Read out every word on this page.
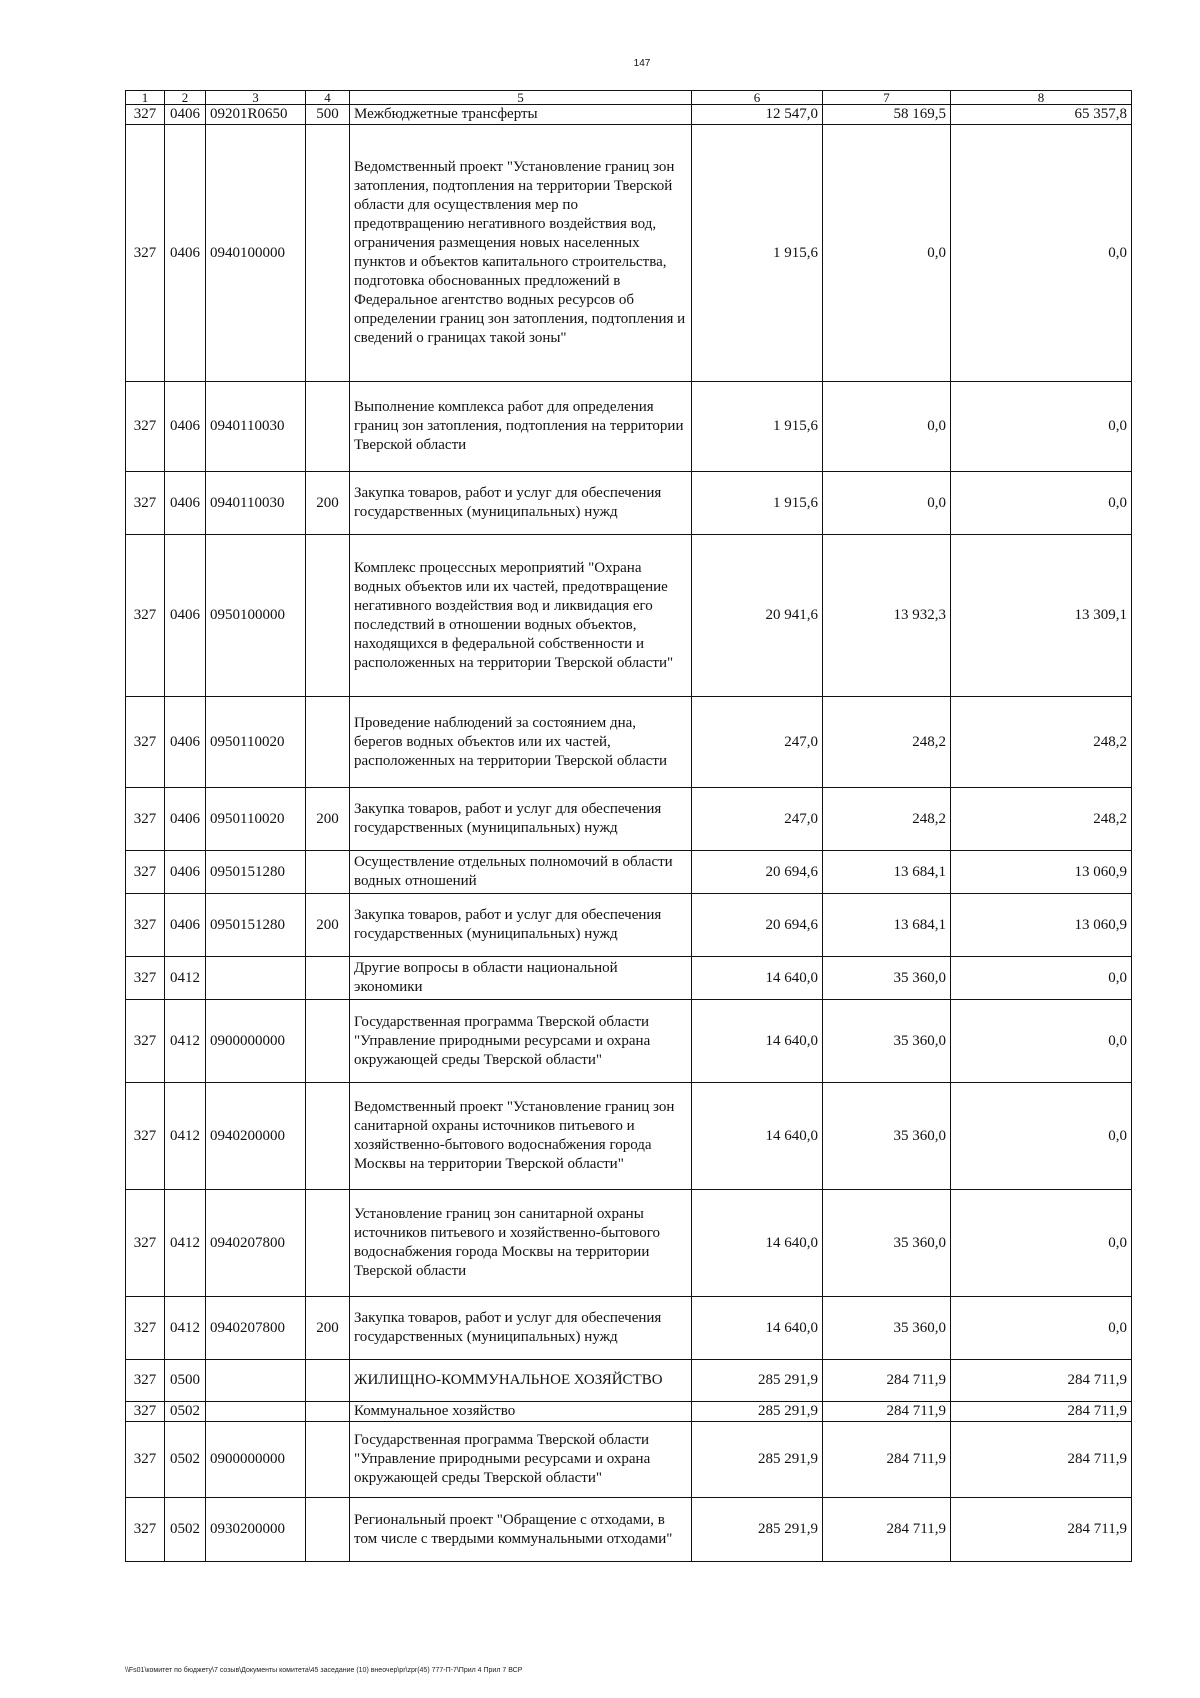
147
1	2	3	4	5	6	7	8
327	0406	09201R0650	500	Межбюджетные трансферты	12 547,0	58 169,5	65 357,8
327	0406	0940100000		Ведомственный проект "Установление границ зон затопления, подтопления на территории Тверской области для осуществления мер по предотвращению негативного воздействия вод, ограничения размещения новых населенных пунктов и объектов капитального строительства, подготовка обоснованных предложений в Федеральное агентство водных ресурсов об определении границ зон затопления, подтопления и сведений о границах такой зоны"	1 915,6	0,0	0,0
327	0406	0940110030		Выполнение комплекса работ для определения границ зон затопления, подтопления на территории Тверской области	1 915,6	0,0	0,0
327	0406	0940110030	200	Закупка товаров, работ и услуг для обеспечения государственных (муниципальных) нужд	1 915,6	0,0	0,0
327	0406	0950100000		Комплекс процессных мероприятий "Охрана водных объектов или их частей, предотвращение негативного воздействия вод и ликвидация его последствий в отношении водных объектов, находящихся в федеральной собственности и расположенных на территории Тверской области"	20 941,6	13 932,3	13 309,1
327	0406	0950110020		Проведение наблюдений за состоянием дна, берегов водных объектов или их частей, расположенных на территории Тверской области	247,0	248,2	248,2
327	0406	0950110020	200	Закупка товаров, работ и услуг для обеспечения государственных (муниципальных) нужд	247,0	248,2	248,2
327	0406	0950151280		Осуществление отдельных полномочий в области водных отношений	20 694,6	13 684,1	13 060,9
327	0406	0950151280	200	Закупка товаров, работ и услуг для обеспечения государственных (муниципальных) нужд	20 694,6	13 684,1	13 060,9
327	0412			Другие вопросы в области национальной экономики	14 640,0	35 360,0	0,0
327	0412	0900000000		Государственная программа Тверской области "Управление природными ресурсами и охрана окружающей среды Тверской области"	14 640,0	35 360,0	0,0
327	0412	0940200000		Ведомственный проект "Установление границ зон санитарной охраны источников питьевого и хозяйственно-бытового водоснабжения города Москвы на территории Тверской области"	14 640,0	35 360,0	0,0
327	0412	0940207800		Установление границ зон санитарной охраны источников питьевого и хозяйственно-бытового водоснабжения города Москвы на территории Тверской области	14 640,0	35 360,0	0,0
327	0412	0940207800	200	Закупка товаров, работ и услуг для обеспечения государственных (муниципальных) нужд	14 640,0	35 360,0	0,0
327	0500			ЖИЛИЩНО-КОММУНАЛЬНОЕ ХОЗЯЙСТВО	285 291,9	284 711,9	284 711,9
327	0502			Коммунальное хозяйство	285 291,9	284 711,9	284 711,9
327	0502	0900000000		Государственная программа Тверской области "Управление природными ресурсами и охрана окружающей среды Тверской области"	285 291,9	284 711,9	284 711,9
327	0502	0930200000		Региональный проект "Обращение с отходами, в том числе с твердыми коммунальными отходами"	285 291,9	284 711,9	284 711,9
\\Fs01\комитет по бюджету\7 созыв\Документы комитета\45 заседание (10) внеочер\pr\zpr(45) 777-П-7\Прил 4 Прил 7 ВСР
